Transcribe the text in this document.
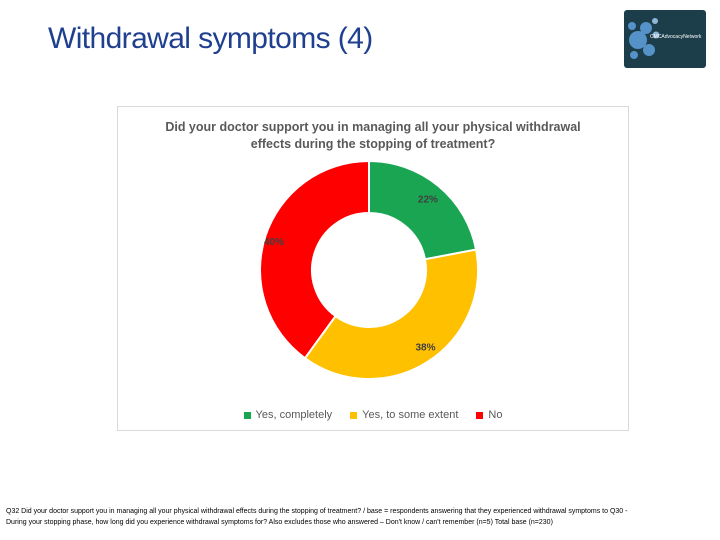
Withdrawal symptoms (4)	CMCAdvocacyNetwork
Did your doctor support you in managing all your physical withdrawal effects during the stopping of treatment?
22%
38%
40%
Yes, completely	Yes, to some extent	No
Q32 Did your doctor support you in managing all your physical withdrawal effects during the stopping of treatment? / base = respondents answering that they experienced withdrawal symptoms to Q30 -
During your stopping phase, how long did you experience withdrawal symptoms for? Also excludes those who answered – Don't know / can't remember (n=5) Total base (n=230)
